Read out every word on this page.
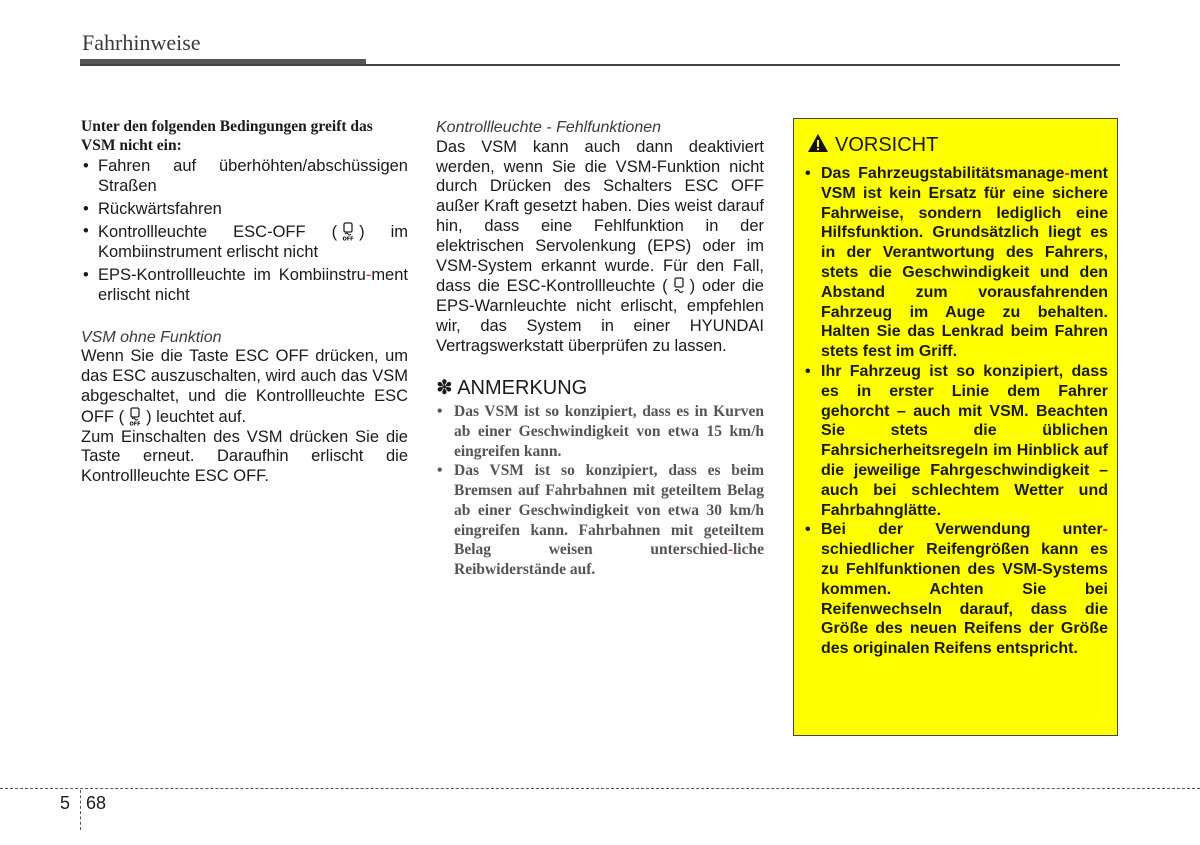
Fahrhinweise

Unter den folgenden Bedingungen greift das VSM nicht ein:

• Fahren auf überhöhten/abschüssigen Straßen
• Rückwärtsfahren
• Kontrollleuchte ESC-OFF ( OFF ) im Kombiinstrument erlischt nicht
• EPS-Kontrollleuchte im Kombiinstru-ment erlischt nicht

VSM ohne Funktion

Wenn Sie die Taste ESC OFF drücken, um das ESC auszuschalten, wird auch das VSM abgeschaltet, und die Kontrollleuchte ESC OFF ( OFF ) leuchtet auf.

Zum Einschalten des VSM drücken Sie die Taste erneut. Daraufhin erlischt die Kontrollleuchte ESC OFF.

Kontrollleuchte - Fehlfunktionen

Das VSM kann auch dann deaktiviert werden, wenn Sie die VSM-Funktion nicht durch Drücken des Schalters ESC OFF außer Kraft gesetzt haben. Dies weist darauf hin, dass eine Fehlfunktion in der elektrischen Servolenkung (EPS) oder im VSM-System erkannt wurde. Für den Fall, dass die ESC-Kontrollleuchte ( ) oder die EPS-Warnleuchte nicht erlischt, empfehlen wir, das System in einer HYUNDAI Vertragswerkstatt überprüfen zu lassen.

✽ ANMERKUNG
• Das VSM ist so konzipiert, dass es in Kurven ab einer Geschwindigkeit von etwa 15 km/h eingreifen kann.
• Das VSM ist so konzipiert, dass es beim Bremsen auf Fahrbahnen mit geteiltem Belag ab einer Geschwindigkeit von etwa 30 km/h eingreifen kann. Fahrbahnen mit geteiltem Belag weisen unterschied-liche Reibwiderstände auf.
VORSICHT
• Das Fahrzeugstabilitätsmanage-ment VSM ist kein Ersatz für eine sichere Fahrweise, sondern lediglich eine Hilfsfunktion. Grundsätzlich liegt es in der Verantwortung des Fahrers, stets die Geschwindigkeit und den Abstand zum vorausfahrenden Fahrzeug im Auge zu behalten. Halten Sie das Lenkrad beim Fahren stets fest im Griff.
• Ihr Fahrzeug ist so konzipiert, dass es in erster Linie dem Fahrer gehorcht – auch mit VSM. Beachten Sie stets die üblichen Fahrsicherheitsregeln im Hinblick auf die jeweilige Fahrgeschwindigkeit – auch bei schlechtem Wetter und Fahrbahnglätte.
• Bei der Verwendung unter-schiedlicher Reifengrößen kann es zu Fehlfunktionen des VSM-Systems kommen. Achten Sie bei Reifenwechseln darauf, dass die Größe des neuen Reifens der Größe des originalen Reifens entspricht.
5 68
